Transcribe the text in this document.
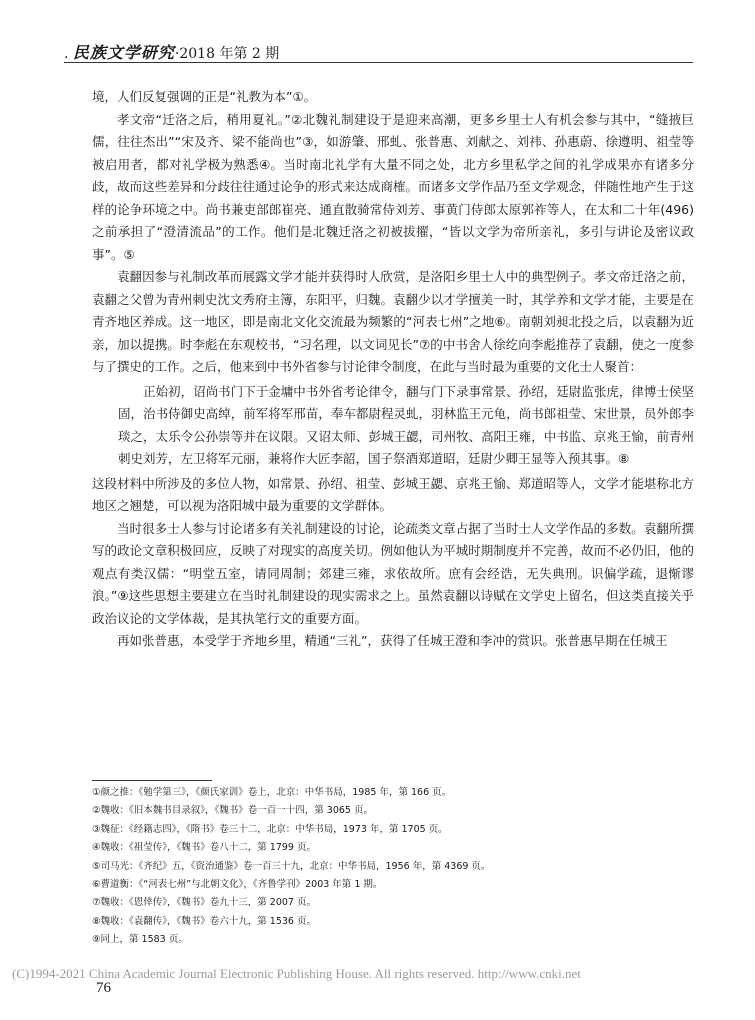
. 民族文学研究·2018 年第 2 期

境，人们反复强调的正是“礼教为本”①。

孝文帝“迁洛之后，稍用夏礼。”②北魏礼制建设于是迎来高潮，更多乡里士人有机会参与其中，“缝掖巨儒，往往杰出”“宋及齐、梁不能尚也”③，如游肇、邢虬、张普惠、刘献之、刘祎、孙惠蔚、徐遵明、祖莹等被启用者，都对礼学极为熟悉④。当时南北礼学有大量不同之处，北方乡里私学之间的礼学成果亦有诸多分歧，故而这些差异和分歧往往通过论争的形式来达成商榷。而诸多文学作品乃至文学观念，伴随性地产生于这样的论争环境之中。尚书兼吏部郎崔亮、通直散骑常侍刘芳、事黄门侍郎太原郭祚等人，在太和二十年(496) 之前承担了“澄清流品”的工作。他们是北魏迁洛之初被拔擢，“皆以文学为帝所亲礼，多引与讲论及密议政事”。⑤

袁翻因参与礼制改革而展露文学才能并获得时人欣赏，是洛阳乡里士人中的典型例子。孝文帝迁洛之前，袁翻之父曾为青州刺史沈文秀府主簿，东阳平，归魏。袁翻少以才学擅美一时，其学养和文学才能，主要是在青齐地区养成。这一地区，即是南北文化交流最为频繁的“河表七州”之地⑥。南朝刘昶北投之后，以袁翻为近亲，加以提携。时李彪在东观校书，“习名理，以文词见长”⑦的中书舍人徐纥向李彪推荐了袁翻，使之一度参与了撰史的工作。之后，他来到中书外省参与讨论律令制度，在此与当时最为重要的文化士人聚首：

正始初，诏尚书门下于金墉中书外省考论律令，翻与门下录事常景、孙绍，廷尉监张虎，律博士侯坚固，治书侍御史高绰，前军将军邢苗，奉车都尉程灵虬，羽林监王元龟，尚书郎祖莹、宋世景，员外郎李琰之，太乐令公孙崇等并在议限。又诏太师、彭城王勰，司州牧、高阳王雍，中书监、京兆王愉，前青州刺史刘芳，左卫将军元丽，兼将作大匠李韶，国子祭酒郑道昭，廷尉少卿王显等入预其事。⑧

这段材料中所涉及的多位人物，如常景、孙绍、祖莹、彭城王勰、京兆王愉、郑道昭等人，文学才能堪称北方地区之翘楚，可以视为洛阳城中最为重要的文学群体。

当时很多士人参与讨论诸多有关礼制建设的讨论，论疏类文章占据了当时士人文学作品的多数。袁翻所撰写的政论文章积极回应，反映了对现实的高度关切。例如他认为平城时期制度并不完善，故而不必仍旧，他的观点有类汉儒：“明堂五室，请同周制；郊建三雍，求依故所。庶有会经诰，无失典刑。识偏学疏，退惭谬浪。”⑨这些思想主要建立在当时礼制建设的现实需求之上。虽然袁翻以诗赋在文学史上留名，但这类直接关乎政治议论的文学体裁，是其执笔行文的重要方面。

再如张普惠，本受学于齐地乡里，精通“三礼”，获得了任城王澄和李冲的赏识。张普惠早期在任城王

①颜之推：《勉学第三》，《颜氏家训》卷上，北京：中华书局，1985 年，第 166 页。
②魏收：《旧本魏书目录叙》，《魏书》卷一百一十四，第 3065 页。
③魏征：《经籍志四》，《隋书》卷三十二，北京：中华书局，1973 年，第 1705 页。
④魏收：《祖莹传》，《魏书》卷八十二，第 1799 页。
⑤司马光：《齐纪》五，《资治通鉴》卷一百三十九，北京：中华书局，1956 年，第 4369 页。
⑥曹道衡：《“河表七州”与北朝文化》，《齐鲁学刊》2003 年第 1 期。
⑦魏收：《恩倖传》，《魏书》卷九十三，第 2007 页。
⑧魏收：《袁翻传》，《魏书》卷六十九，第 1536 页。
⑨同上，第 1583 页。
(C)1994-2021 China Academic Journal Electronic Publishing House. All rights reserved. http://www.cnki.net
76
